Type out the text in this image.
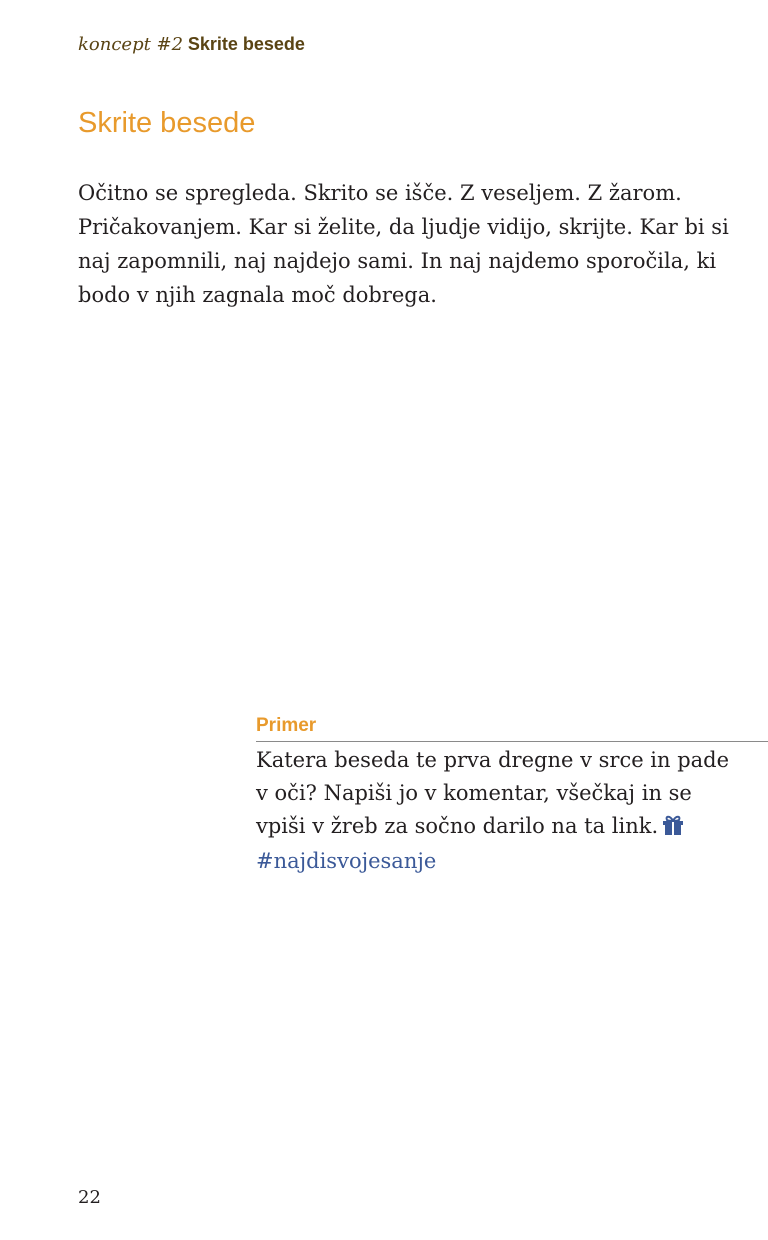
koncept #2 Skrite besede
Skrite besede

Očitno se spregleda. Skrito se išče. Z veseljem. Z žarom.
Pričakovanjem. Kar si želite, da ljudje vidijo, skrijte. Kar bi si
naj zapomnili, naj najdejo sami. In naj najdemo sporočila, ki
bodo v njih zagnala moč dobrega.

Primer

Katera beseda te prva dregne v srce in pade
v oči? Napiši jo v komentar, všečkaj in se
vpiši v žreb za sočno darilo na ta link.
#najdisvojesanje

22
